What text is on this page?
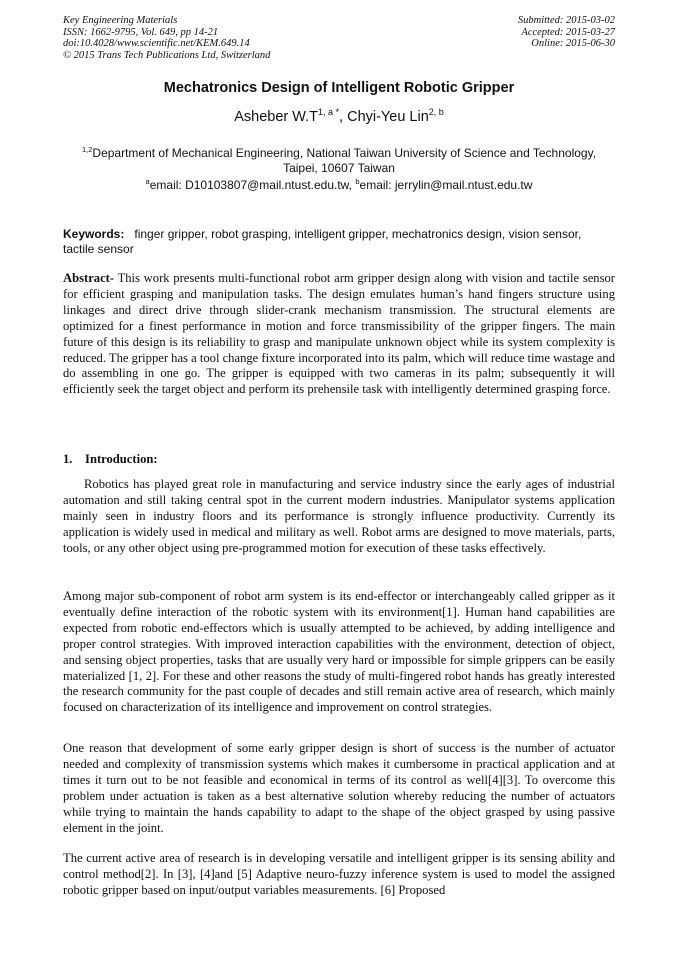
Key Engineering Materials
ISSN: 1662-9795, Vol. 649, pp 14-21
doi:10.4028/www.scientific.net/KEM.649.14
© 2015 Trans Tech Publications Ltd, Switzerland
Submitted: 2015-03-02
Accepted: 2015-03-27
Online: 2015-06-30
Mechatronics Design of Intelligent Robotic Gripper
Asheber $W.T^{1, a *}$, Chyi-Yeu Lin$^{2, b}$
$^{1,2}$Department of Mechanical Engineering, National Taiwan University of Science and Technology,
Taipei, 10607 Taiwan
$^a$email: D10103807@mail.ntust.edu.tw, $^b$email: jerrylin@mail.ntust.edu.tw
Keywords: finger gripper, robot grasping, intelligent gripper, mechatronics design, vision sensor, tactile sensor
Abstract- This work presents multi-functional robot arm gripper design along with vision and tactile sensor for efficient grasping and manipulation tasks. The design emulates human’s hand fingers structure using linkages and direct drive through slider-crank mechanism transmission. The structural elements are optimized for a finest performance in motion and force transmissibility of the gripper fingers. The main future of this design is its reliability to grasp and manipulate unknown object while its system complexity is reduced. The gripper has a tool change fixture incorporated into its palm, which will reduce time wastage and do assembling in one go. The gripper is equipped with two cameras in its palm; subsequently it will efficiently seek the target object and perform its prehensile task with intelligently determined grasping force.
1.    Introduction:
Robotics has played great role in manufacturing and service industry since the early ages of industrial automation and still taking central spot in the current modern industries. Manipulator systems application mainly seen in industry floors and its performance is strongly influence productivity. Currently its application is widely used in medical and military as well. Robot arms are designed to move materials, parts, tools, or any other object using pre-programmed motion for execution of these tasks effectively.
Among major sub-component of robot arm system is its end-effector or interchangeably called gripper as it eventually define interaction of the robotic system with its environment[1]. Human hand capabilities are expected from robotic end-effectors which is usually attempted to be achieved, by adding intelligence and proper control strategies. With improved interaction capabilities with the environment, detection of object, and sensing object properties, tasks that are usually very hard or impossible for simple grippers can be easily materialized [1, 2]. For these and other reasons the study of multi-fingered robot hands has greatly interested the research community for the past couple of decades and still remain active area of research, which mainly focused on characterization of its intelligence and improvement on control strategies.
One reason that development of some early gripper design is short of success is the number of actuator needed and complexity of transmission systems which makes it cumbersome in practical application and at times it turn out to be not feasible and economical in terms of its control as well[4][3]. To overcome this problem under actuation is taken as a best alternative solution whereby reducing the number of actuators while trying to maintain the hands capability to adapt to the shape of the object grasped by using passive element in the joint.
The current active area of research is in developing versatile and intelligent gripper is its sensing ability and control method[2]. In [3], [4]and [5] Adaptive neuro-fuzzy inference system is used to model the assigned robotic gripper based on input/output variables measurements. [6] Proposed
